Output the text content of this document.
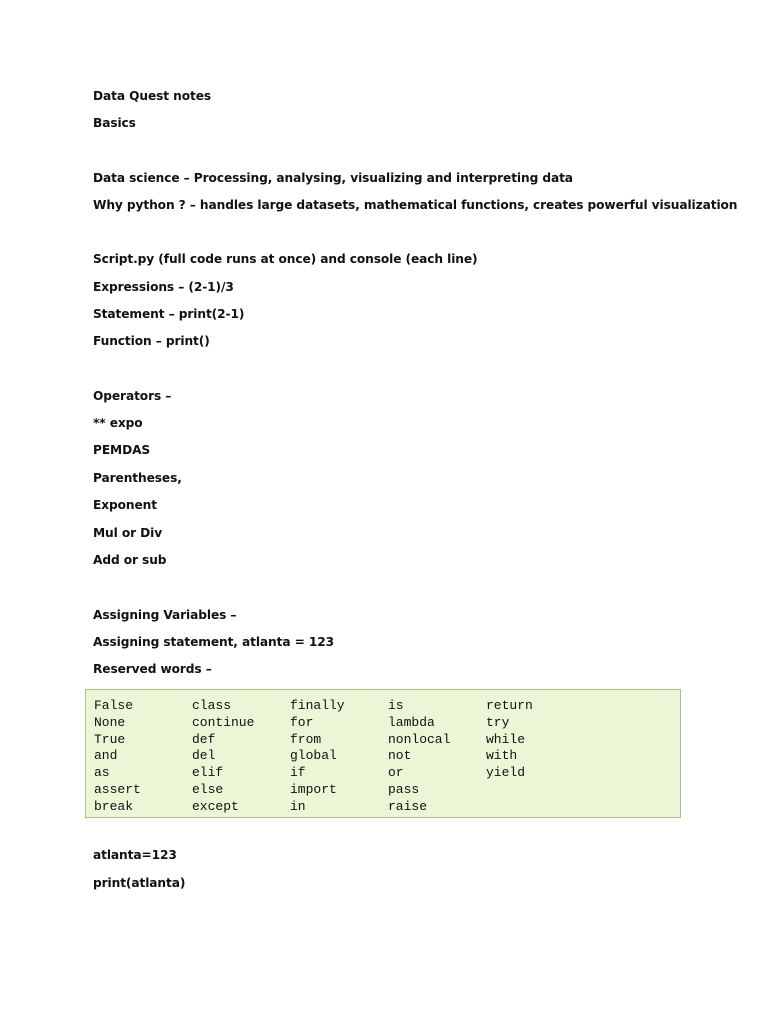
Data Quest notes
Basics
Data science – Processing, analysing, visualizing and interpreting data
Why python ? – handles large datasets, mathematical functions, creates powerful visualization
Script.py (full code runs at once) and console (each line)
Expressions – (2-1)/3
Statement – print(2-1)
Function – print()
Operators –
** expo
PEMDAS
Parentheses,
Exponent
Mul or Div
Add or sub
Assigning Variables –
Assigning statement, atlanta = 123
Reserved words –
False	class	finally	is	return
None	continue	for	lambda	try
True	def	from	nonlocal	while
and	del	global	not	with
as	elif	if	or	yield
assert	else	import	pass	
break	except	in	raise	
atlanta=123
print(atlanta)
